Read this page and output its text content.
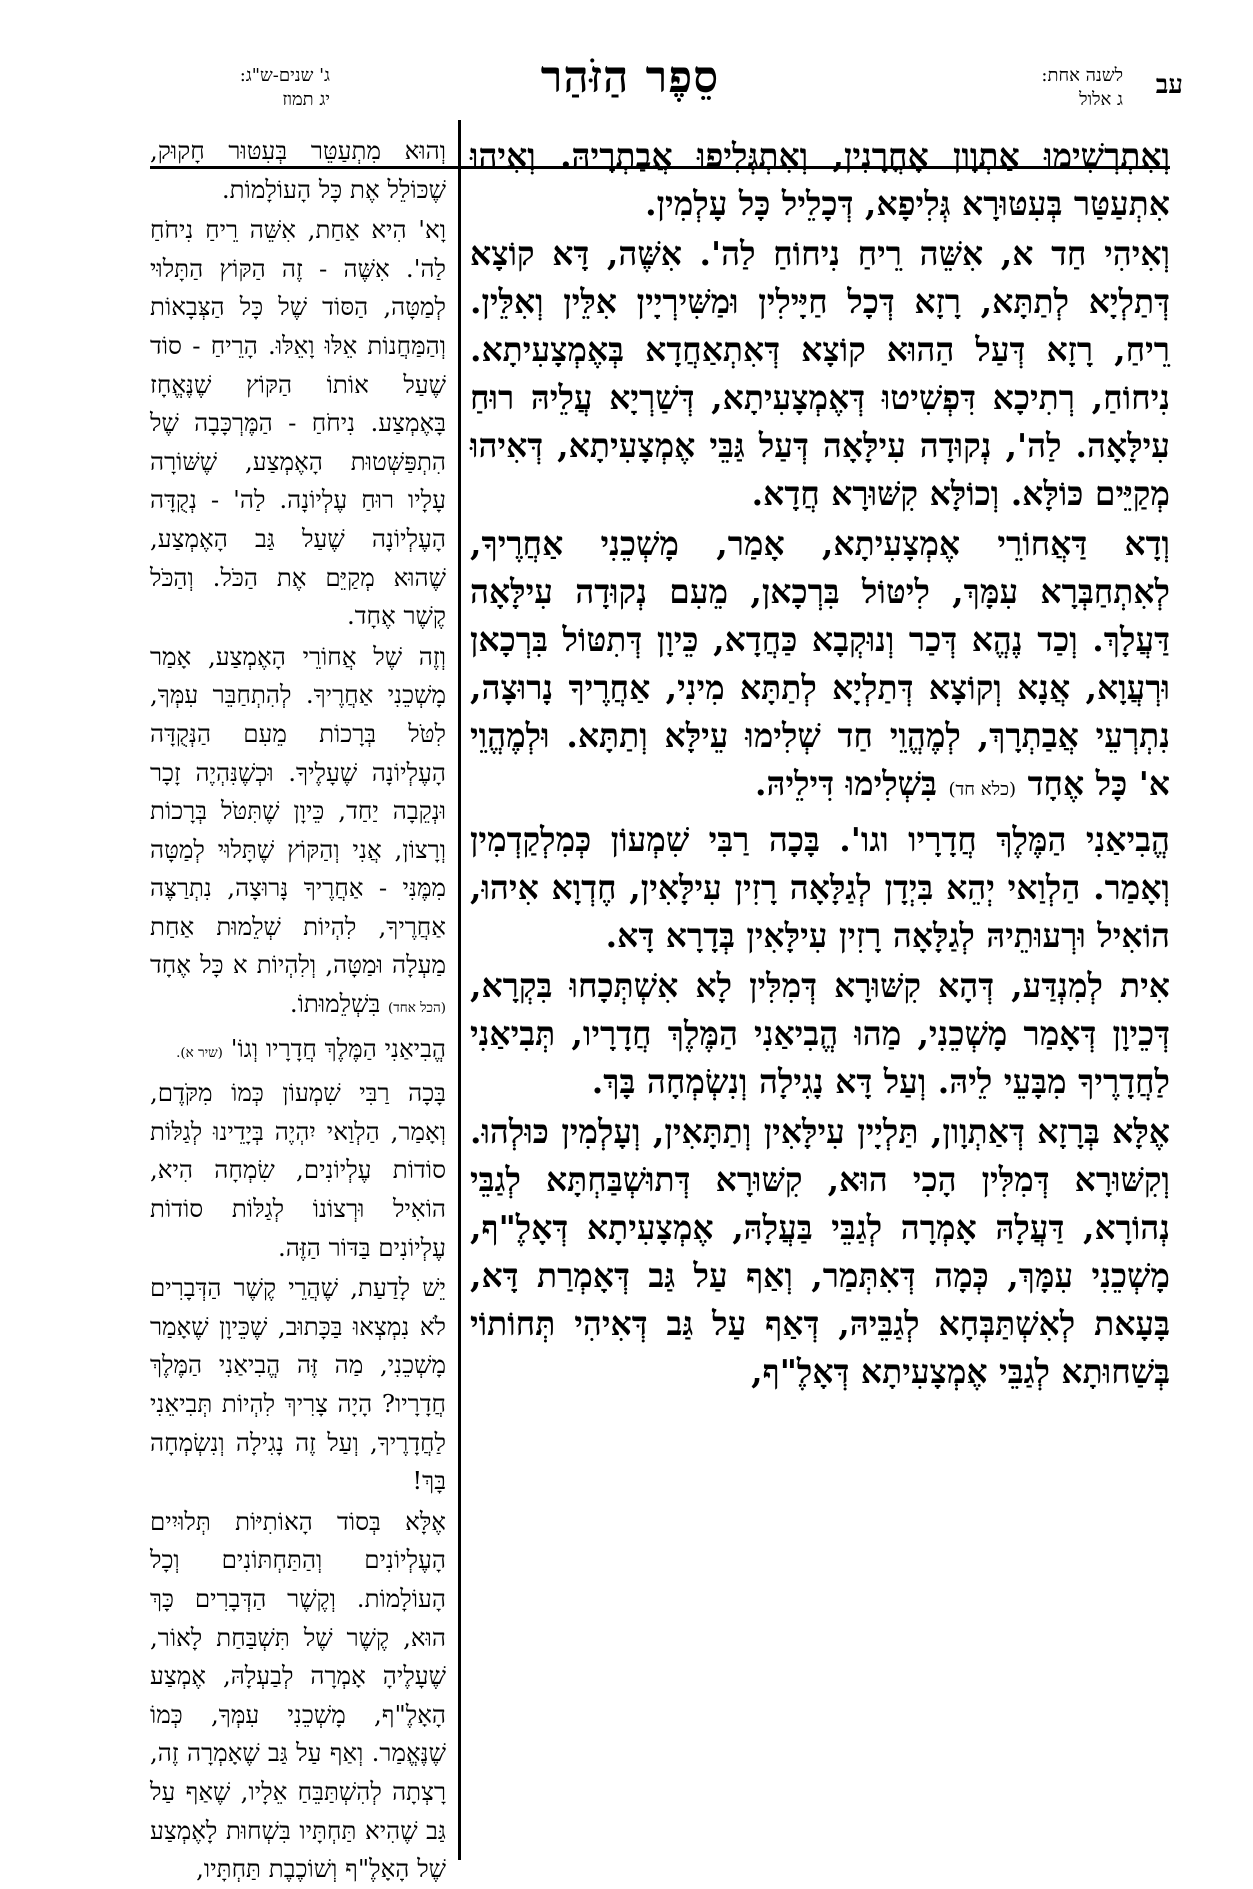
עב
לשנה אחת:
ג אלול
סֵפֶר הַזֹּהַר
ג' שנים-ש"ג:
יג תמוז

וְאִתְרְשִׁימוּ אַתְוָון אָחֳרָנִין, וְאִתְגְּלִיפוּ אֲבַתְרָיהּ. וְאִיהוּ אִתְעַטַּר בְּעִטּוּרָא גְּלִיפָא, דְּכָלֵיל כָּל עָלְמִין.

וְאִיהִי חַד א, אִשֵּׁה רֵיחַ נִיחוֹחַ לַה'. אִשֶּׁה, דָּא קוֹצָא דְּתַלְיָא לְתַתָּא, רָזָא דְּכָל חַיָּילִין וּמַשִּׁירְיָין אִלֵּין וְאִלֵּין. רֵיחַ, רָזָא דְּעַל הַהוּא קוֹצָא דְּאִתְאַחֲדָא בְּאֶמְצָעִיתָא. נִיחוֹחַ, רְתִיכָא דִּפְשִׁיטוּ דְּאֶמְצָעִיתָא, דְּשַׁרְיָא עֲלֵיהּ רוּחַ עִילָּאָה. לַה', נְקוּדָה עִילָּאָה דְּעַל גַּבֵּי אֶמְצָעִיתָא, דְּאִיהוּ מְקַיֵּים כּוֹלָּא. וְכוֹלָּא קִשּׁוּרָא חֲדָא.

וְדָא דַּאֲחוֹרֵי אֶמְצָעִיתָא, אָמַר, מָשְׁכֵנִי אַחֲרֶיךָ, לְאִתְחַבְּרָא עִמָּךְ, לִיטּוֹל בִּרְכָאן, מֵעִם נְקוּדָה עִילָּאָה דַּעֲלָךְ. וְכַד נֶהֱא דְּכַר וְנוּקְבָא כַּחֲדָא, כֵּיוָן דְּתִטּוֹל בִּרְכָאן וּרְעֲוָא, אֲנָא וְקוֹצָא דְּתַלְיָא לְתַתָּא מִינִי, אַחֲרֶיךָ נָרוּצָה, נִתְרְעֵי אֲבַתְרָךְ, לְמֶהֱוֵי חַד שְׁלִימוּ עֵילָּא וְתַתָּא. וּלְמֶהֱוֵי א' כָּל אֶחָד (כלא חד) בִּשְׁלִימוּ דִּילֵיהּ.

הֱבִיאַנִי הַמֶּלֶךְ חֲדָרָיו וגו'. בָּכָה רַבִּי שִׁמְעוֹן כְּמִלְקַדְמִין וְאָמַר. הַלְוַאי יְהֵא בִּיְדָן לְגַלָּאָה רָזִין עִילָּאִין, חֶדְוָא אִיהוּ, הוֹאִיל וּרְעוּתֵיהּ לְגַלָּאָה רָזִין עִילָּאִין בְּדָרָא דָּא.

אִית לְמִנְדַּע, דְּהָא קִשּׁוּרָא דְּמִלִּין לָא אִשְׁתְּכָחוּ בִּקְרָא, דְּכֵיוָן דְּאָמַר מָשְׁכֵנִי, מַהוּ הֱבִיאַנִי הַמֶּלֶךְ חֲדָרָיו, תְּבִיאַנִי לַחֲדָרֶיךָ מִבָּעֵי לֵיהּ. וְעַל דָּא נָגִילָה וְנִשְׂמְחָה בָּךְ.

אֶלָּא בְּרָזָא דְּאַתְוָון, תַּלְיָין עִילָּאִין וְתַתָּאִין, וְעָלְמִין כּוּלְהוּ. וְקִשּׁוּרָא דְּמִלִּין הָכִי הוּא, קִשּׁוּרָא דְּתוּשְׁבַּחְתָּא לְגַבֵּי נְהוֹרָא, דַּעֲלָהּ אָמְרָה לְגַבֵּי בַּעֲלָהּ, אֶמְצָעִיתָא דְּאָלֶ"ף, מָשְׁכֵנִי עִמָּךְ, כְּמָה דְּאִתְּמַר, וְאַף עַל גַּב דְּאָמְרַת דָּא, בָּעָאת לְאִשְׁתַּבְּחָא לְגַבֵּיהּ, דְּאַף עַל גַּב דְּאִיהִי תְּחוֹתוֹי בְּשַׁחוּתָא לְגַבֵּי אֶמְצָעִיתָא דְּאָלֶ"ף,

וְהוּא מִתְעַטֵּר בְּעִטּוּר חָקוּק, שֶׁכּוֹלֵל אֶת כָּל הָעוֹלָמוֹת.

וָא' הִיא אַחַת, אִשֵּׁה רֵיחַ נִיחֹחַ לַה'. אִשֶּׁה - זֶה הַקּוֹץ הַתָּלוּי לְמַטָּה, הַסּוֹד שֶׁל כָּל הַצְּבָאוֹת וְהַמַּחֲנוֹת אֵלּוּ וָאֵלּוּ. הָרֵיחַ - סוֹד שֶׁעַל אוֹתוֹ הַקּוֹץ שֶׁנֶּאֱחָז בָּאֶמְצַע. נִיחֹחַ - הַמֶּרְכָּבָה שֶׁל הִתְפַּשְּׁטוּת הָאֶמְצַע, שֶׁשּׁוֹרָה עָלָיו רוּחַ עֶלְיוֹנָה. לַה' - נְקֻדָּה הָעֶלְיוֹנָה שֶׁעַל גַּב הָאֶמְצַע, שֶׁהוּא מְקַיֵּם אֶת הַכֹּל. וְהַכֹּל קֶשֶׁר אֶחָד.

וְזֶה שֶׁל אֲחוֹרֵי הָאֶמְצַע, אָמַר מָשְׁכֵנִי אַחֲרֶיךָ. לְהִתְחַבֵּר עִמְּךָ, לִטֹּל בְּרָכוֹת מֵעִם הַנְּקֻדָּה הָעֶלְיוֹנָה שֶׁעָלֶיךָ. וּכְשֶׁנִּהְיֶה זָכָר וּנְקֵבָה יַחַד, כֵּיוָן שֶׁתִּטֹּל בְּרָכוֹת וְרָצוֹן, אֲנִי וְהַקּוֹץ שֶׁתָּלוּי לְמַטָּה מִמֶּנִּי - אַחֲרֶיךָ נָּרוּצָה, נִתְרַצֶּה אַחֲרֶיךָ, לִהְיוֹת שְׁלֵמוּת אַחַת מַעְלָה וּמַטָּה, וְלִהְיוֹת א כָּל אֶחָד (הכל אחד) בִּשְׁלֵמוּתוֹ.

הֱבִיאַנִי הַמֶּלֶךְ חֲדָרָיו וְגוֹ' (שיר א).

בָּכָה רַבִּי שִׁמְעוֹן כְּמוֹ מִקֹּדֶם, וְאָמַר, הַלְוַאי יִהְיֶה בְּיָדֵינוּ לְגַלּוֹת סוֹדוֹת עֶלְיוֹנִים, שִׂמְחָה הִיא, הוֹאִיל וּרְצוֹנוֹ לְגַלּוֹת סוֹדוֹת עֶלְיוֹנִים בַּדּוֹר הַזֶּה.

יֵשׁ לָדַעַת, שֶׁהֲרֵי קֶשֶׁר הַדְּבָרִים לֹא נִמְצְאוּ בַּכָּתוּב, שֶׁכֵּיוָן שֶׁאָמַר מָשְׁכֵנִי, מַה זֶּה הֱבִיאַנִי הַמֶּלֶךְ חֲדָרָיו? הָיָה צָרִיךְ לִהְיוֹת תְּבִיאֵנִי לַחֲדָרֶיךָ, וְעַל זֶה נָגִילָה וְנִשְׂמְחָה בָּךְ!

אֶלָּא בְּסוֹד הָאוֹתִיּוֹת תְּלוּיִים הָעֶלְיוֹנִים וְהַתַּחְתּוֹנִים וְכָל הָעוֹלָמוֹת. וְקֶשֶׁר הַדְּבָרִים כָּךְ הוּא, קֶשֶׁר שֶׁל תִּשְׁבַּחַת לָאוֹר, שֶׁעָלֶיהָ אָמְרָה לְבַעְלָהּ, אֶמְצַע הָאָלֶ"ף, מָשְׁכֵנִי עִמְּךָ, כְּמוֹ שֶׁנֶּאֱמַר. וְאַף עַל גַּב שֶׁאָמְרָה זֶה, רָצְתָה לְהִשְׁתַּבֵּחַ אֵלָיו, שֶׁאַף עַל גַּב שֶׁהִיא תַּחְתָּיו בִּשְׁחוּת לָאֶמְצַע שֶׁל הָאָלֶ"ף וְשׁוֹכֶבֶת תַּחְתָּיו,
